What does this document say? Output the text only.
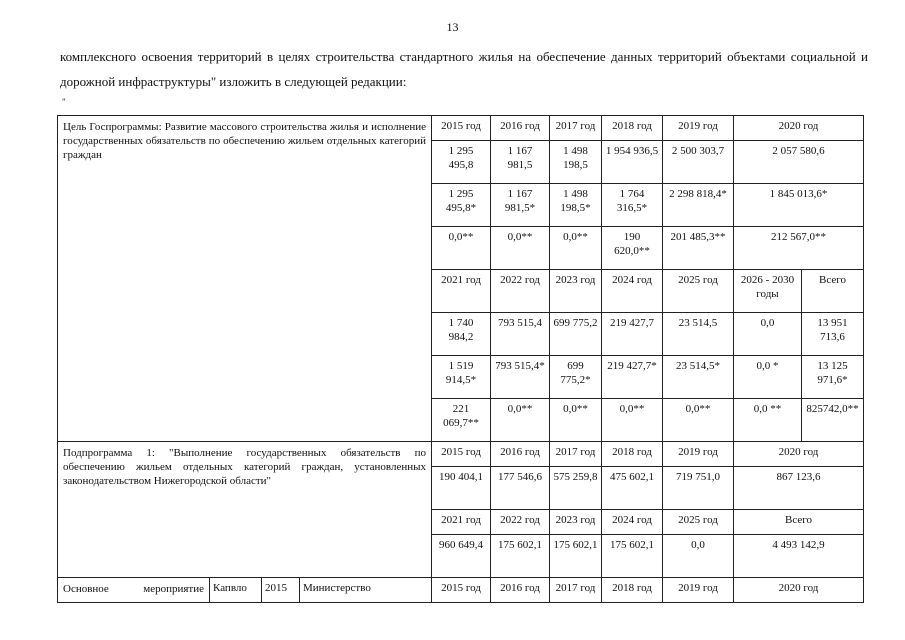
13
комплексного освоения территорий в целях строительства стандартного жилья на обеспечение данных территорий объектами социальной и дорожной инфраструктуры" изложить в следующей редакции:
"
Цель Госпрограммы: Развитие массового строительства жилья и исполнение государственных обязательств по обеспечению жильем отдельных категорий граждан				2015 год	2016 год	2017 год	2018 год	2019 год	2020 год	
				1 295 495,8	1 167 981,5	1 498 198,5	1 954 936,5	2 500 303,7	2 057 580,6	
				1 295 495,8*	1 167 981,5*	1 498 198,5*	1 764 316,5*	2 298 818,4*	1 845 013,6*	
				0,0**	0,0**	0,0**	190 620,0**	201 485,3**	212 567,0**	
				2021 год	2022 год	2023 год	2024 год	2025 год	2026 - 2030 годы	Всего
				1 740 984,2	793 515,4	699 775,2	219 427,7	23 514,5	0,0	13 951 713,6
				1 519 914,5*	793 515,4*	699 775,2*	219 427,7*	23 514,5*	0,0 *	13 125 971,6*
				221 069,7**	0,0**	0,0**	0,0**	0,0**	0,0 **	825742,0**
Подпрограмма 1: "Выполнение государственных обязательств по обеспечению жильем отдельных категорий граждан, установленных законодательством Нижегородской области"				2015 год	2016 год	2017 год	2018 год	2019 год	2020 год	
				190 404,1	177 546,6	575 259,8	475 602,1	719 751,0	867 123,6	
				2021 год	2022 год	2023 год	2024 год	2025 год	Всего	
				960 649,4	175 602,1	175 602,1	175 602,1	0,0	4 493 142,9	
Основное мероприятие	Капвло	2015	Министерство	2015 год	2016 год	2017 год	2018 год	2019 год	2020 год	
